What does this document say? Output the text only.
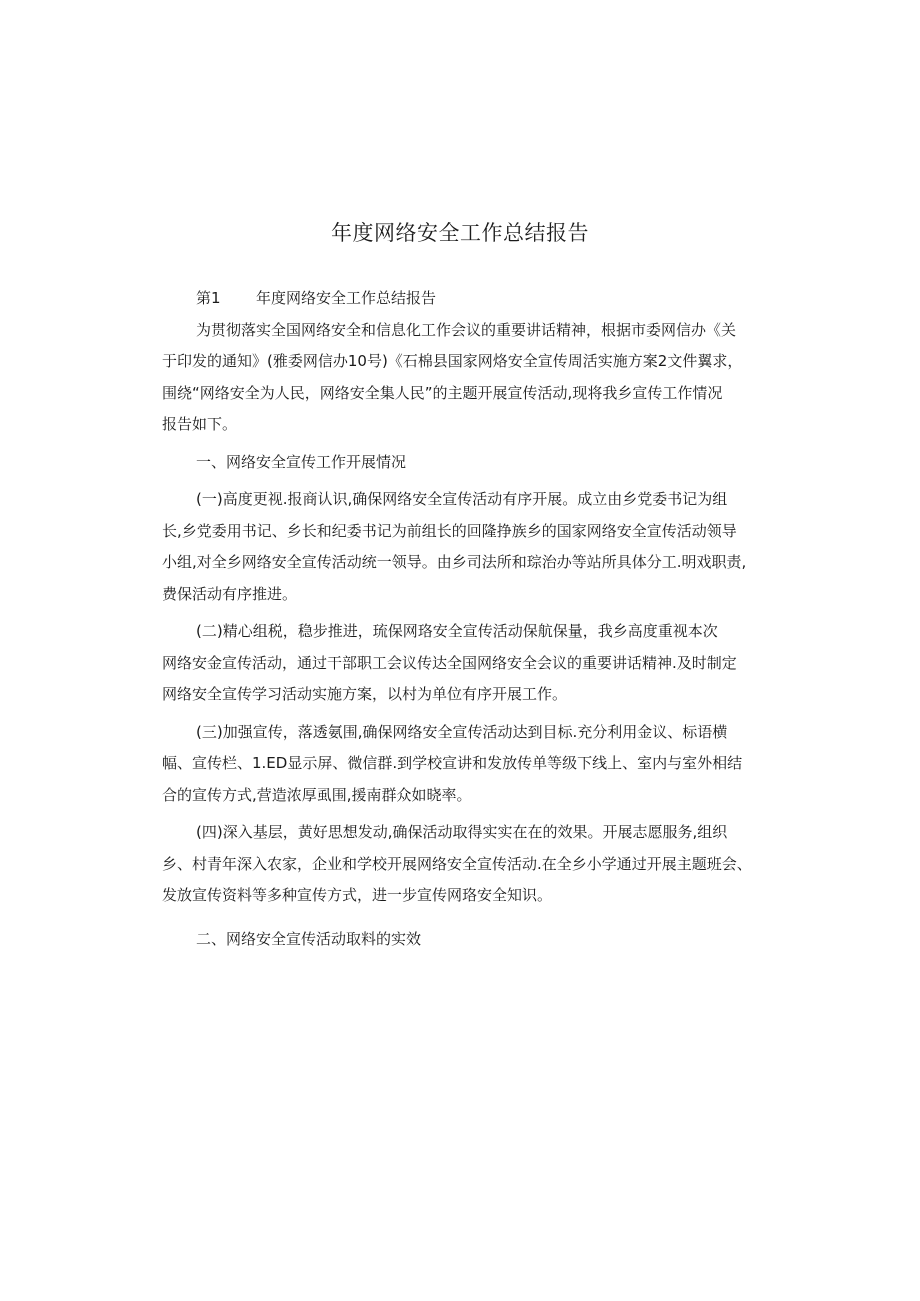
年度网络安全工作总结报告
第1 年度网络安全工作总结报告
为贯彻落实全国网络安全和信息化工作会议的重要讲话精神，根据市委网信办《关
于印发的通知》(雅委网信办10号)《石棉县国家网烙安全宣传周活实施方案2文件翼求，
围绕“网络安全为人民，网络安全集人民”的主题开展宣传活动,现将我乡宣传工作情况
报告如下。
一、网络安全宣传工作开展情况
(一)高度更视.报商认识,确保网络安全宣传活动有序开展。成立由乡党委书记为组
长,乡党委用书记、乡长和纪委书记为前组长的回隆挣族乡的国家网络安全宣传活动领导
小组,对全乡网络安全宣传活动统一领导。由乡司法所和琮治办等站所具体分工.明戏职责,
费保活动有序推进。
(二)精心组税，稳步推进，琉保网珞安全宣传活动保航保量，我乡高度重视本次
网络安金宣传活动，通过干部职工会议传达全国网络安全会议的重要讲话精神.及时制定
网络安全宣传学习活动实施方案，以村为单位有序开展工作。
(三)加强宣传，落透氨围,确保网络安全宣传活动达到目标.充分利用金议、标语横
幅、宣传栏、1.ED显示屏、微信群.到学校宣讲和发放传单等级下线上、室内与室外相结
合的宣传方式,营造浓厚虱围,援南群众如晓率。
(四)深入基层，黄好思想发动,确保活动取得实实在在的效果。开展志愿服务,组织
乡、村青年深入农家，企业和学校开展网络安全宣传活动.在全乡小学通过开展主题班会、
发放宣传资料等多种宣传方式，进一步宣传网珞安全知识。
二、网络安全宣传活动取料的实效
